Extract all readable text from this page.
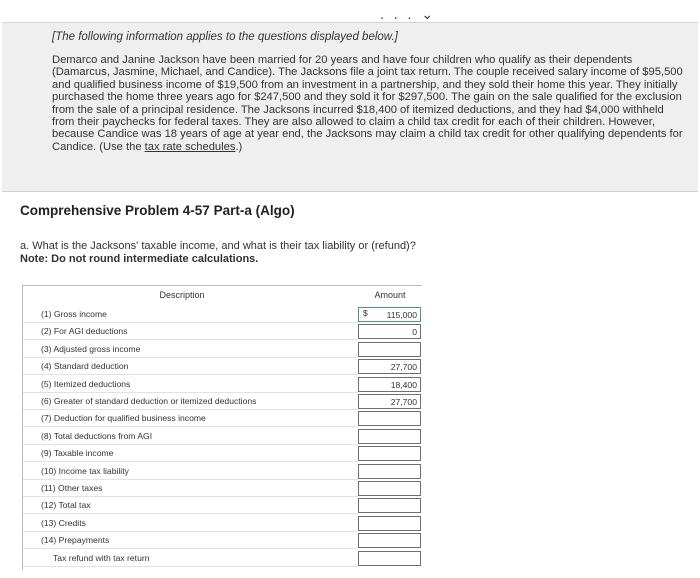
. . . ⌄
[The following information applies to the questions displayed below.]
Demarco and Janine Jackson have been married for 20 years and have four children who qualify as their dependents (Damarcus, Jasmine, Michael, and Candice). The Jacksons file a joint tax return. The couple received salary income of $95,500 and qualified business income of $19,500 from an investment in a partnership, and they sold their home this year. They initially purchased the home three years ago for $247,500 and they sold it for $297,500. The gain on the sale qualified for the exclusion from the sale of a principal residence. The Jacksons incurred $18,400 of itemized deductions, and they had $4,000 withheld from their paychecks for federal taxes. They are also allowed to claim a child tax credit for each of their children. However, because Candice was 18 years of age at year end, the Jacksons may claim a child tax credit for other qualifying dependents for Candice. (Use the tax rate schedules.)
Comprehensive Problem 4-57 Part-a (Algo)
a. What is the Jacksons' taxable income, and what is their tax liability or (refund)?
Note: Do not round intermediate calculations.
Description	Amount
(1) Gross income	115,000
$
(2) For AGI deductions	0
(3) Adjusted gross income
(4) Standard deduction	27,700
(5) Itemized deductions	18,400
(6) Greater of standard deduction or itemized deductions	27,700
(7) Deduction for qualified business income
(8) Total deductions from AGI
(9) Taxable income
(10) Income tax liability
(11) Other taxes
(12) Total tax
(13) Credits
(14) Prepayments
Tax refund with tax return
